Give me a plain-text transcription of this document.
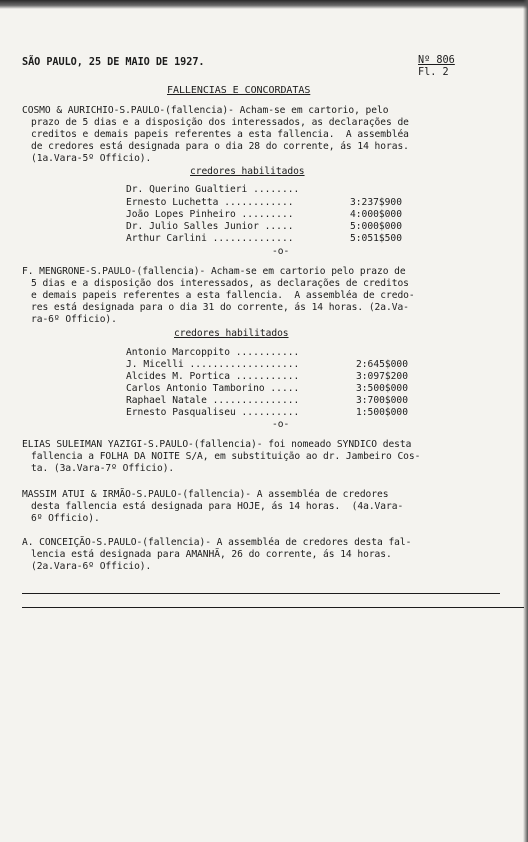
SÃO PAULO, 25 DE MAIO DE 1927.	Nº 806
Fl. 2
FALLENCIAS E CONCORDATAS
COSMO & AURICHIO-S.PAULO-(fallencia)- Acham-se em cartorio, pelo
prazo de 5 dias e a disposição dos interessados, as declarações de
creditos e demais papeis referentes a esta fallencia.  A assembléa
de credores está designada para o dia 28 do corrente, ás 14 horas.
(1a.Vara-5º Officio).
credores habilitados
Dr. Querino Gualtieri ........
Ernesto Luchetta ............	3:237$900
João Lopes Pinheiro .........	4:000$000
Dr. Julio Salles Junior .....	5:000$000
Arthur Carlini ..............	5:051$500
-o-
F. MENGRONE-S.PAULO-(fallencia)- Acham-se em cartorio pelo prazo de
5 dias e a disposição dos interessados, as declarações de creditos
e demais papeis referentes a esta fallencia.  A assembléa de credo-
res está designada para o dia 31 do corrente, ás 14 horas. (2a.Va-
ra-6º Officio).
credores habilitados
Antonio Marcoppito ...........
J. Micelli ...................	2:645$000
Alcides M. Portica ...........	3:097$200
Carlos Antonio Tamborino .....	3:500$000
Raphael Natale ...............	3:700$000
Ernesto Pasqualiseu ..........	1:500$000
-o-
ELIAS SULEIMAN YAZIGI-S.PAULO-(fallencia)- foi nomeado SYNDICO desta
fallencia a FOLHA DA NOITE S/A, em substituição ao dr. Jambeiro Cos-
ta. (3a.Vara-7º Officio).
MASSIM ATUI & IRMÃO-S.PAULO-(fallencia)- A assembléa de credores
desta fallencia está designada para HOJE, ás 14 horas.  (4a.Vara-
6º Officio).
A. CONCEIÇÃO-S.PAULO-(fallencia)- A assembléa de credores desta fal-
lencia está designada para AMANHÃ, 26 do corrente, ás 14 horas.
(2a.Vara-6º Officio).
